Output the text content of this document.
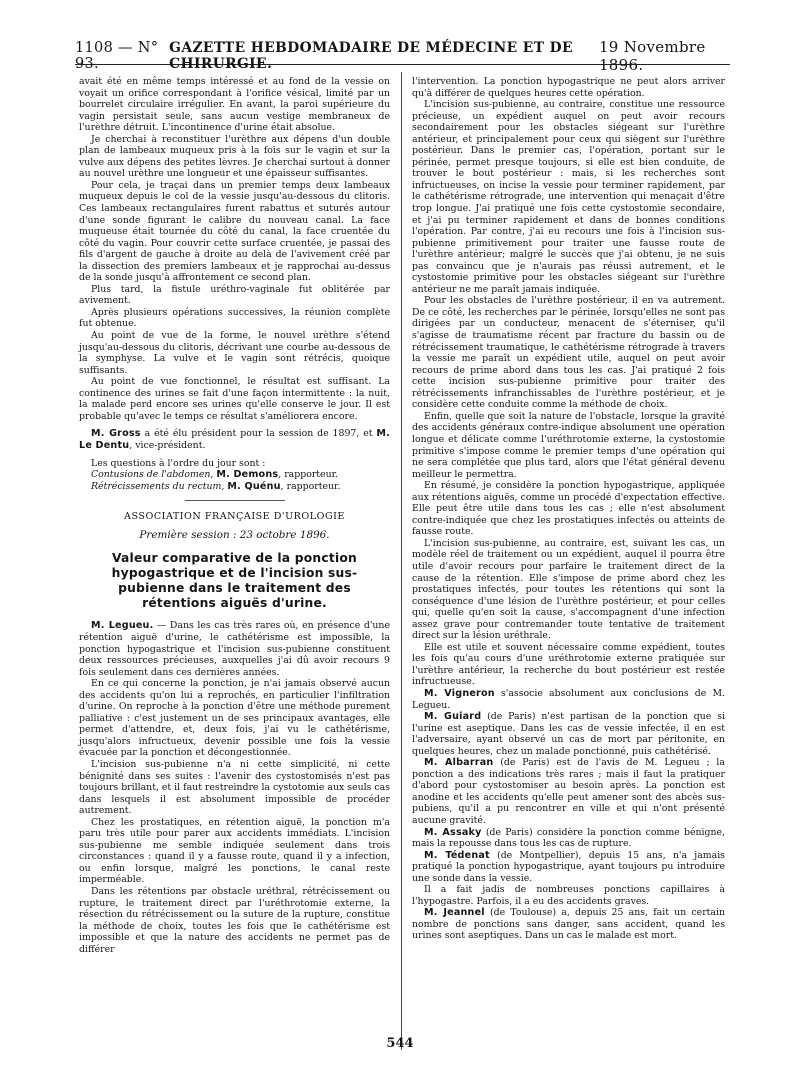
1108 — N° 93.
GAZETTE HEBDOMADAIRE DE MÉDECINE ET DE CHIRURGIE.
19 Novembre 1896.

avait été en même temps intéressé et au fond de la vessie on voyait un orifice correspondant à l'orifice vésical, limité par un bourrelet circulaire irrégulier. En avant, la paroi supérieure du vagin persistait seule, sans aucun vestige membraneux de l'urèthre détruit. L'incontinence d'urine était absolue.

Je cherchai à reconstituer l'urèthre aux dépens d'un double plan de lambeaux muqueux pris à la fois sur le vagin et sur la vulve aux dépens des petites lèvres. Je cherchai surtout à donner au nouvel urèthre une longueur et une épaisseur suffisantes.

Pour cela, je traçai dans un premier temps deux lambeaux muqueux depuis le col de la vessie jusqu'au-dessous du clitoris. Ces lambeaux rectangulaires furent rabattus et suturés autour d'une sonde figurant le calibre du nouveau canal. La face muqueuse était tournée du côté du canal, la face cruentée du côté du vagin. Pour couvrir cette surface cruentée, je passai des fils d'argent de gauche à droite au delà de l'avivement créé par la dissection des premiers lambeaux et je rapprochai au-dessus de la sonde jusqu'à affrontement ce second plan.

Plus tard, la fistule uréthro-vaginale fut oblitérée par avivement.

Après plusieurs opérations successives, la réunion complète fut obtenue.

Au point de vue de la forme, le nouvel urèthre s'étend jusqu'au-dessous du clitoris, décrivant une courbe au-dessous de la symphyse. La vulve et le vagin sont rétrécis, quoique suffisants.

Au point de vue fonctionnel, le résultat est suffisant. La continence des urines se fait d'une façon intermittente : la nuit, la malade perd encore ses urines qu'elle conserve le jour. Il est probable qu'avec le temps ce résultat s'améliorera encore.

M. Gross a été élu président pour la session de 1897, et M. Le Dentu, vice-président.

Les questions à l'ordre du jour sont :

Contusions de l'abdomen, M. Demons, rapporteur.

Rétrécissements du rectum, M. Quénu, rapporteur.

ASSOCIATION FRANÇAISE D'UROLOGIE
Première session : 23 octobre 1896.
Valeur comparative de la ponction hypogastrique et de l'incision sus-pubienne dans le traitement des rétentions aiguës d'urine.

M. Legueu. — Dans les cas très rares où, en présence d'une rétention aiguë d'urine, le cathétérisme est impossible, la ponction hypogastrique et l'incision sus-pubienne constituent deux ressources précieuses, auxquelles j'ai dû avoir recours 9 fois seulement dans ces dernières années.

En ce qui concerne la ponction, je n'ai jamais observé aucun des accidents qu'on lui a reprochés, en particulier l'infiltration d'urine. On reproche à la ponction d'être une méthode purement palliative : c'est justement un de ses principaux avantages, elle permet d'attendre, et, deux fois, j'ai vu le cathétérisme, jusqu'alors infructueux, devenir possible une fois la vessie évacuée par la ponction et décongestionnée.

L'incision sus-pubienne n'a ni cette simplicité, ni cette bénignité dans ses suites : l'avenir des cystostomisés n'est pas toujours brillant, et il faut restreindre la cystotomie aux seuls cas dans lesquels il est absolument impossible de procéder autrement.

Chez les prostatiques, en rétention aiguë, la ponction m'a paru très utile pour parer aux accidents immédiats. L'incision sus-pubienne me semble indiquée seulement dans trois circonstances : quand il y a fausse route, quand il y a infection, ou enfin lorsque, malgré les ponctions, le canal reste imperméable.

Dans les rétentions par obstacle uréthral, rétrécissement ou rupture, le traitement direct par l'uréthrotomie externe, la résection du rétrécissement ou la suture de la rupture, constitue la méthode de choix, toutes les fois que le cathétérisme est impossible et que la nature des accidents ne permet pas de différer

l'intervention. La ponction hypogastrique ne peut alors arriver qu'à différer de quelques heures cette opération.

L'incision sus-pubienne, au contraire, constitue une ressource précieuse, un expédient auquel on peut avoir recours secondairement pour les obstacles siégeant sur l'urèthre antérieur, et principalement pour ceux qui siègent sur l'urèthre postérieur. Dans le premier cas, l'opération, portant sur le périnée, permet presque toujours, si elle est bien conduite, de trouver le bout postérieur : mais, si les recherches sont infructueuses, on incise la vessie pour terminer rapidement, par le cathétérisme rétrograde, une intervention qui menaçait d'être trop longue. J'ai pratiqué une fois cette cystostomie secondaire, et j'ai pu terminer rapidement et dans de bonnes conditions l'opération. Par contre, j'ai eu recours une fois à l'incision sus-pubienne primitivement pour traiter une fausse route de l'urèthre antérieur; malgré le succès que j'ai obtenu, je ne suis pas convaincu que je n'aurais pas réussi autrement, et le cystostomie primitive pour les obstacles siégeant sur l'urèthre antérieur ne me paraît jamais indiquée.

Pour les obstacles de l'urèthre postérieur, il en va autrement. De ce côté, les recherches par le périnée, lorsqu'elles ne sont pas dirigées par un conducteur, menacent de s'éterniser, qu'il s'agisse de traumatisme récent par fracture du bassin ou de rétrécissement traumatique, le cathétérisme rétrograde à travers la vessie me paraît un expédient utile, auquel on peut avoir recours de prime abord dans tous les cas. J'ai pratiqué 2 fois cette incision sus-pubienne primitive pour traiter des rétrécissements infranchissables de l'urèthre postérieur, et je considère cette conduite comme la méthode de choix.

Enfin, quelle que soit la nature de l'obstacle, lorsque la gravité des accidents généraux contre-indique absolument une opération longue et délicate comme l'uréthrotomie externe, la cystostomie primitive s'impose comme le premier temps d'une opération qui ne sera complétée que plus tard, alors que l'état général devenu meilleur le permettra.

En résumé, je considère la ponction hypogastrique, appliquée aux rétentions aiguës, comme un procédé d'expectation effective. Elle peut être utile dans tous les cas ; elle n'est absolument contre-indiquée que chez les prostatiques infectés ou atteints de fausse route.

L'incision sus-pubienne, au contraire, est, suivant les cas, un modèle réel de traitement ou un expédient, auquel il pourra être utile d'avoir recours pour parfaire le traitement direct de la cause de la rétention. Elle s'impose de prime abord chez les prostatiques infectés, pour toutes les rétentions qui sont la conséquence d'une lésion de l'urèthre postérieur, et pour celles qui, quelle qu'en soit la cause, s'accompagnent d'une infection assez grave pour contremander toute tentative de traitement direct sur la lésion uréthrale.

Elle est utile et souvent nécessaire comme expédient, toutes les fois qu'au cours d'une uréthrotomie externe pratiquée sur l'urèthre antérieur, la recherche du bout postérieur est restée infructueuse.

M. Vigneron s'associe absolument aux conclusions de M. Legueu.

M. Guiard (de Paris) n'est partisan de la ponction que si l'urine est aseptique. Dans les cas de vessie infectée, il en est l'adversaire, ayant observé un cas de mort par péritonite, en quelques heures, chez un malade ponctionné, puis cathétérisé.

M. Albarran (de Paris) est de l'avis de M. Legueu ; la ponction a des indications très rares ; mais il faut la pratiquer d'abord pour cystostomiser au besoin après. La ponction est anodine et les accidents qu'elle peut amener sont des abcès sus-pubiens, qu'il a pu rencontrer en ville et qui n'ont présenté aucune gravité.

M. Assaky (de Paris) considère la ponction comme bénigne, mais la repousse dans tous les cas de rupture.

M. Tédenat (de Montpellier), depuis 15 ans, n'a jamais pratiqué la ponction hypogastrique, ayant toujours pu introduire une sonde dans la vessie.

Il a fait jadis de nombreuses ponctions capillaires à l'hypogastre. Parfois, il a eu des accidents graves.

M. Jeannel (de Toulouse) a, depuis 25 ans, fait un certain nombre de ponctions sans danger, sans accident, quand les urines sont aseptiques. Dans un cas le malade est mort.

544
